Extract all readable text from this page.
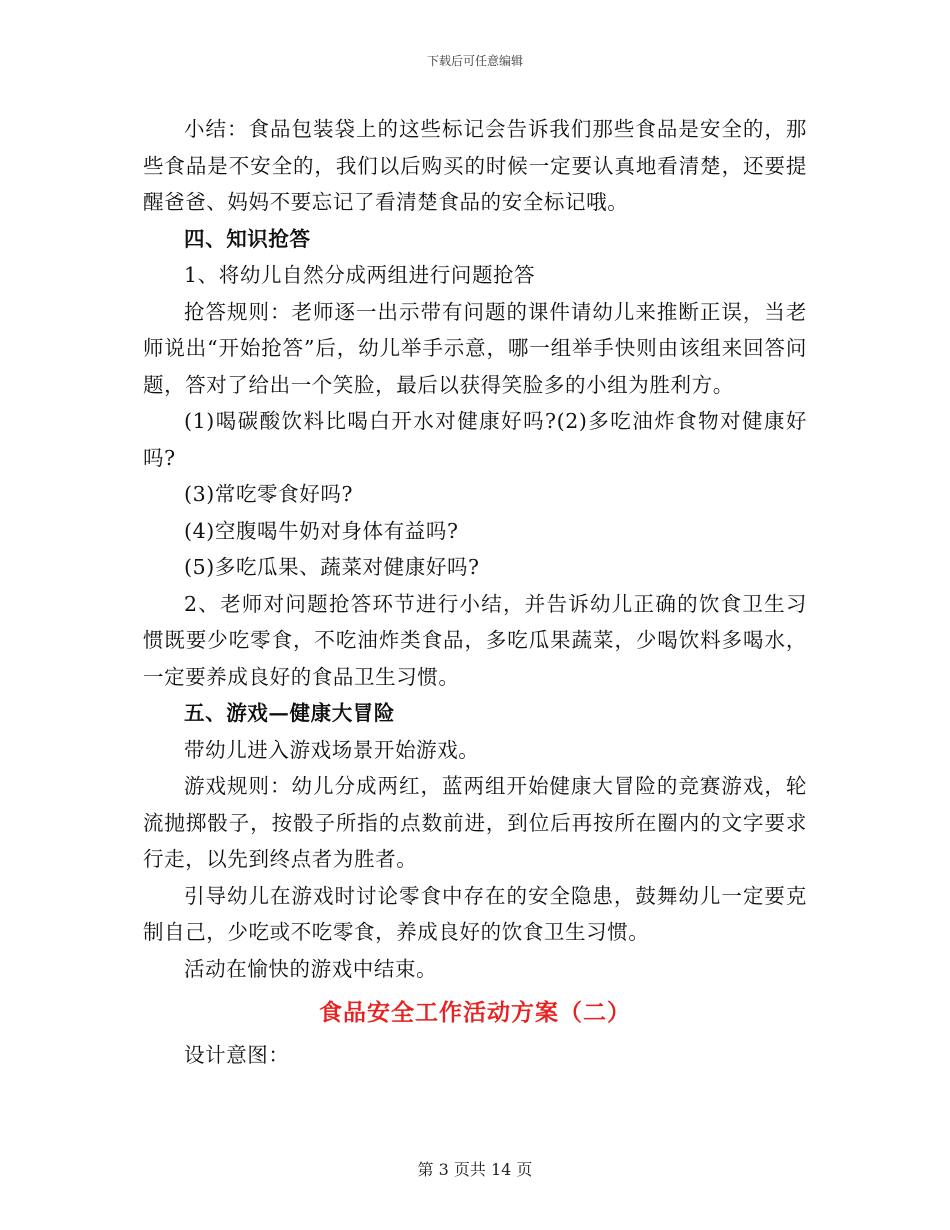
下载后可任意编辑

小结：食品包装袋上的这些标记会告诉我们那些食品是安全的，那些食品是不安全的，我们以后购买的时候一定要认真地看清楚，还要提醒爸爸、妈妈不要忘记了看清楚食品的安全标记哦。

四、知识抢答

1、将幼儿自然分成两组进行问题抢答

抢答规则：老师逐一出示带有问题的课件请幼儿来推断正误，当老师说出“开始抢答”后，幼儿举手示意，哪一组举手快则由该组来回答问题，答对了给出一个笑脸，最后以获得笑脸多的小组为胜利方。

(1)喝碳酸饮料比喝白开水对健康好吗?(2)多吃油炸食物对健康好吗?

(3)常吃零食好吗?

(4)空腹喝牛奶对身体有益吗?

(5)多吃瓜果、蔬菜对健康好吗?

2、老师对问题抢答环节进行小结，并告诉幼儿正确的饮食卫生习惯既要少吃零食，不吃油炸类食品，多吃瓜果蔬菜，少喝饮料多喝水，一定要养成良好的食品卫生习惯。

五、游戏—健康大冒险

带幼儿进入游戏场景开始游戏。

游戏规则：幼儿分成两红，蓝两组开始健康大冒险的竞赛游戏，轮流抛掷骰子，按骰子所指的点数前进，到位后再按所在圈内的文字要求行走，以先到终点者为胜者。

引导幼儿在游戏时讨论零食中存在的安全隐患，鼓舞幼儿一定要克制自己，少吃或不吃零食，养成良好的饮食卫生习惯。

活动在愉快的游戏中结束。

食品安全工作活动方案（二）

设计意图：

第 3 页共 14 页
